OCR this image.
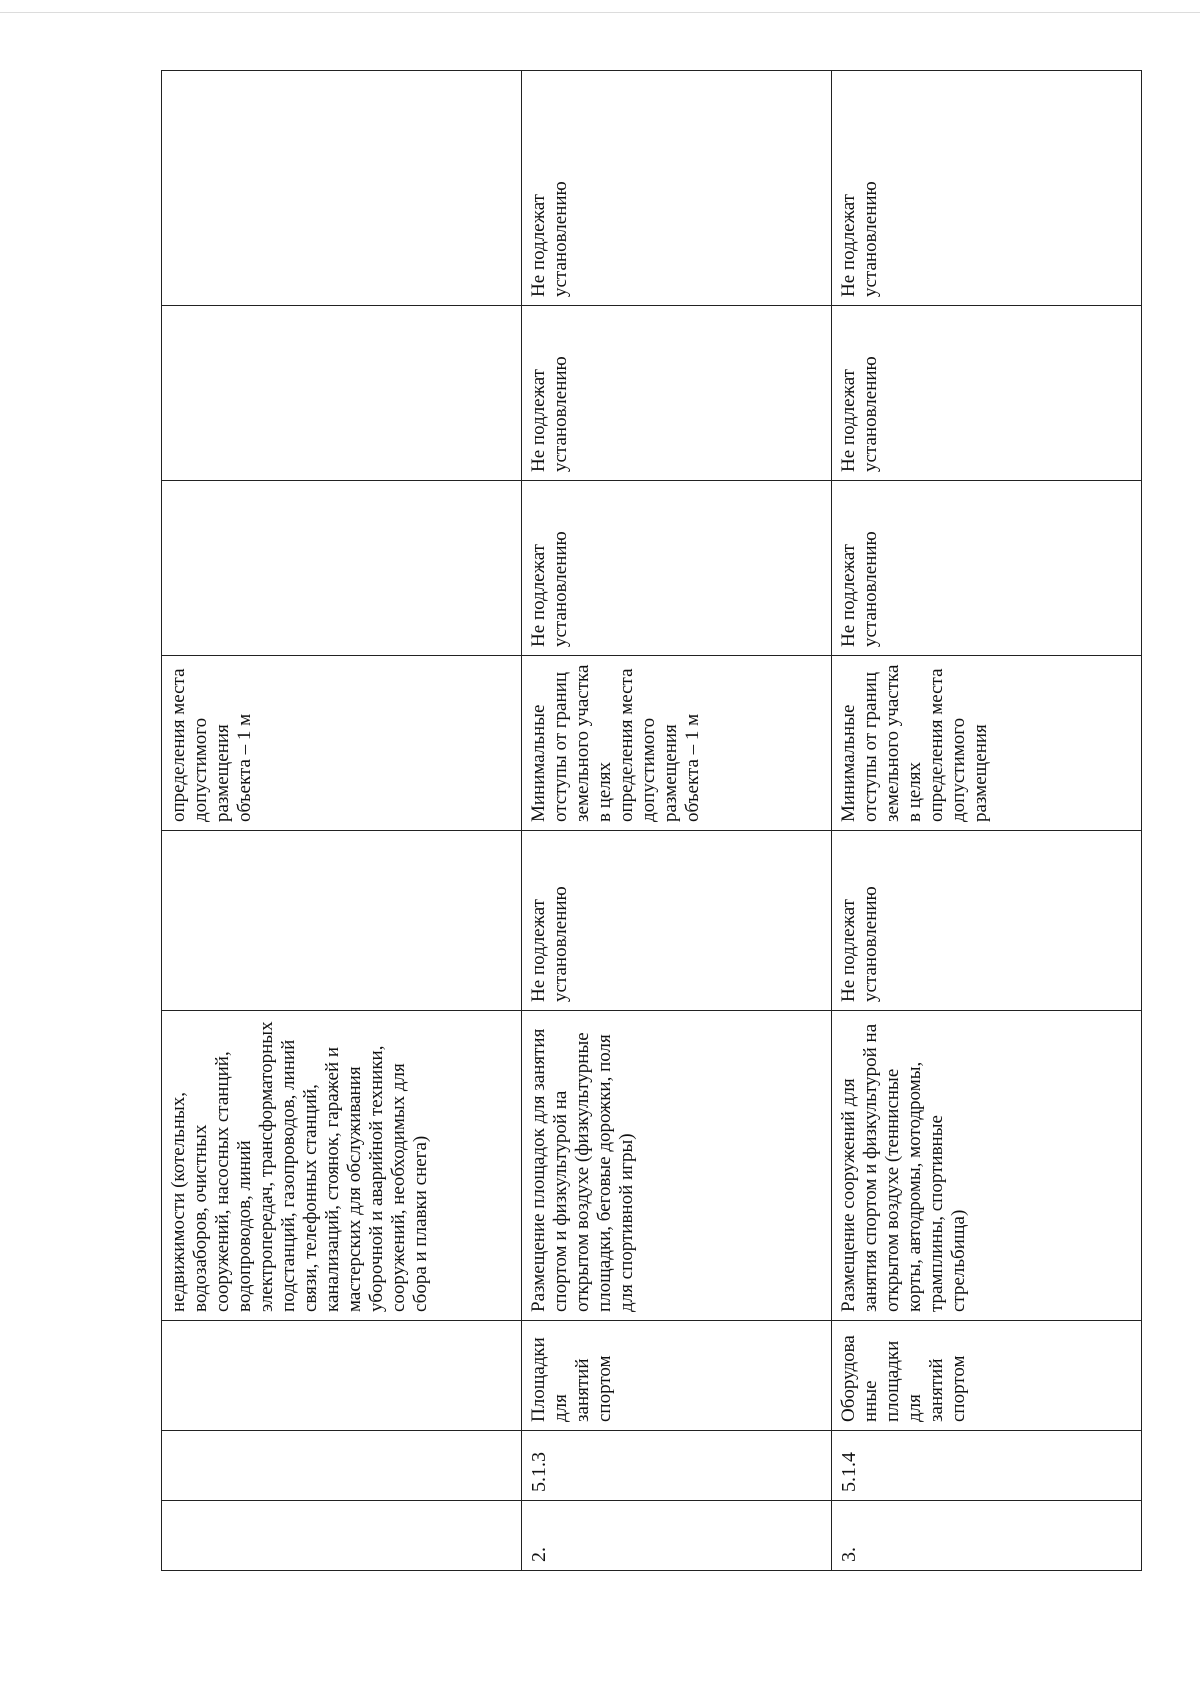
			недвижимости (котельных, водозаборов, очистных сооружений, насосных станций, водопроводов, линий электропередач, трансформаторных подстанций, газопроводов, линий связи, телефонных станций, канализаций, стоянок, гаражей и мастерских для обслуживания уборочной и аварийной техники, сооружений, необходимых для сбора и плавки снега)		определения места допустимого размещения объекта – 1 м			
2.	5.1.3	Площадки для занятий спортом	Размещение площадок для занятия спортом и физкультурой на открытом воздухе (физкультурные площадки, беговые дорожки, поля для спортивной игры)	Не подлежат установлению	Минимальные отступы от границ земельного участка в целях определения места допустимого размещения объекта – 1 м	Не подлежат установлению	Не подлежат установлению	Не подлежат установлению
3.	5.1.4	Оборудованные площадки для занятий спортом	Размещение сооружений для занятия спортом и физкультурой на открытом воздухе (теннисные корты, автодромы, мотодромы, трамплины, спортивные стрельбища)	Не подлежат установлению	Минимальные отступы от границ земельного участка в целях определения места допустимого размещения	Не подлежат установлению	Не подлежат установлению	Не подлежат установлению
